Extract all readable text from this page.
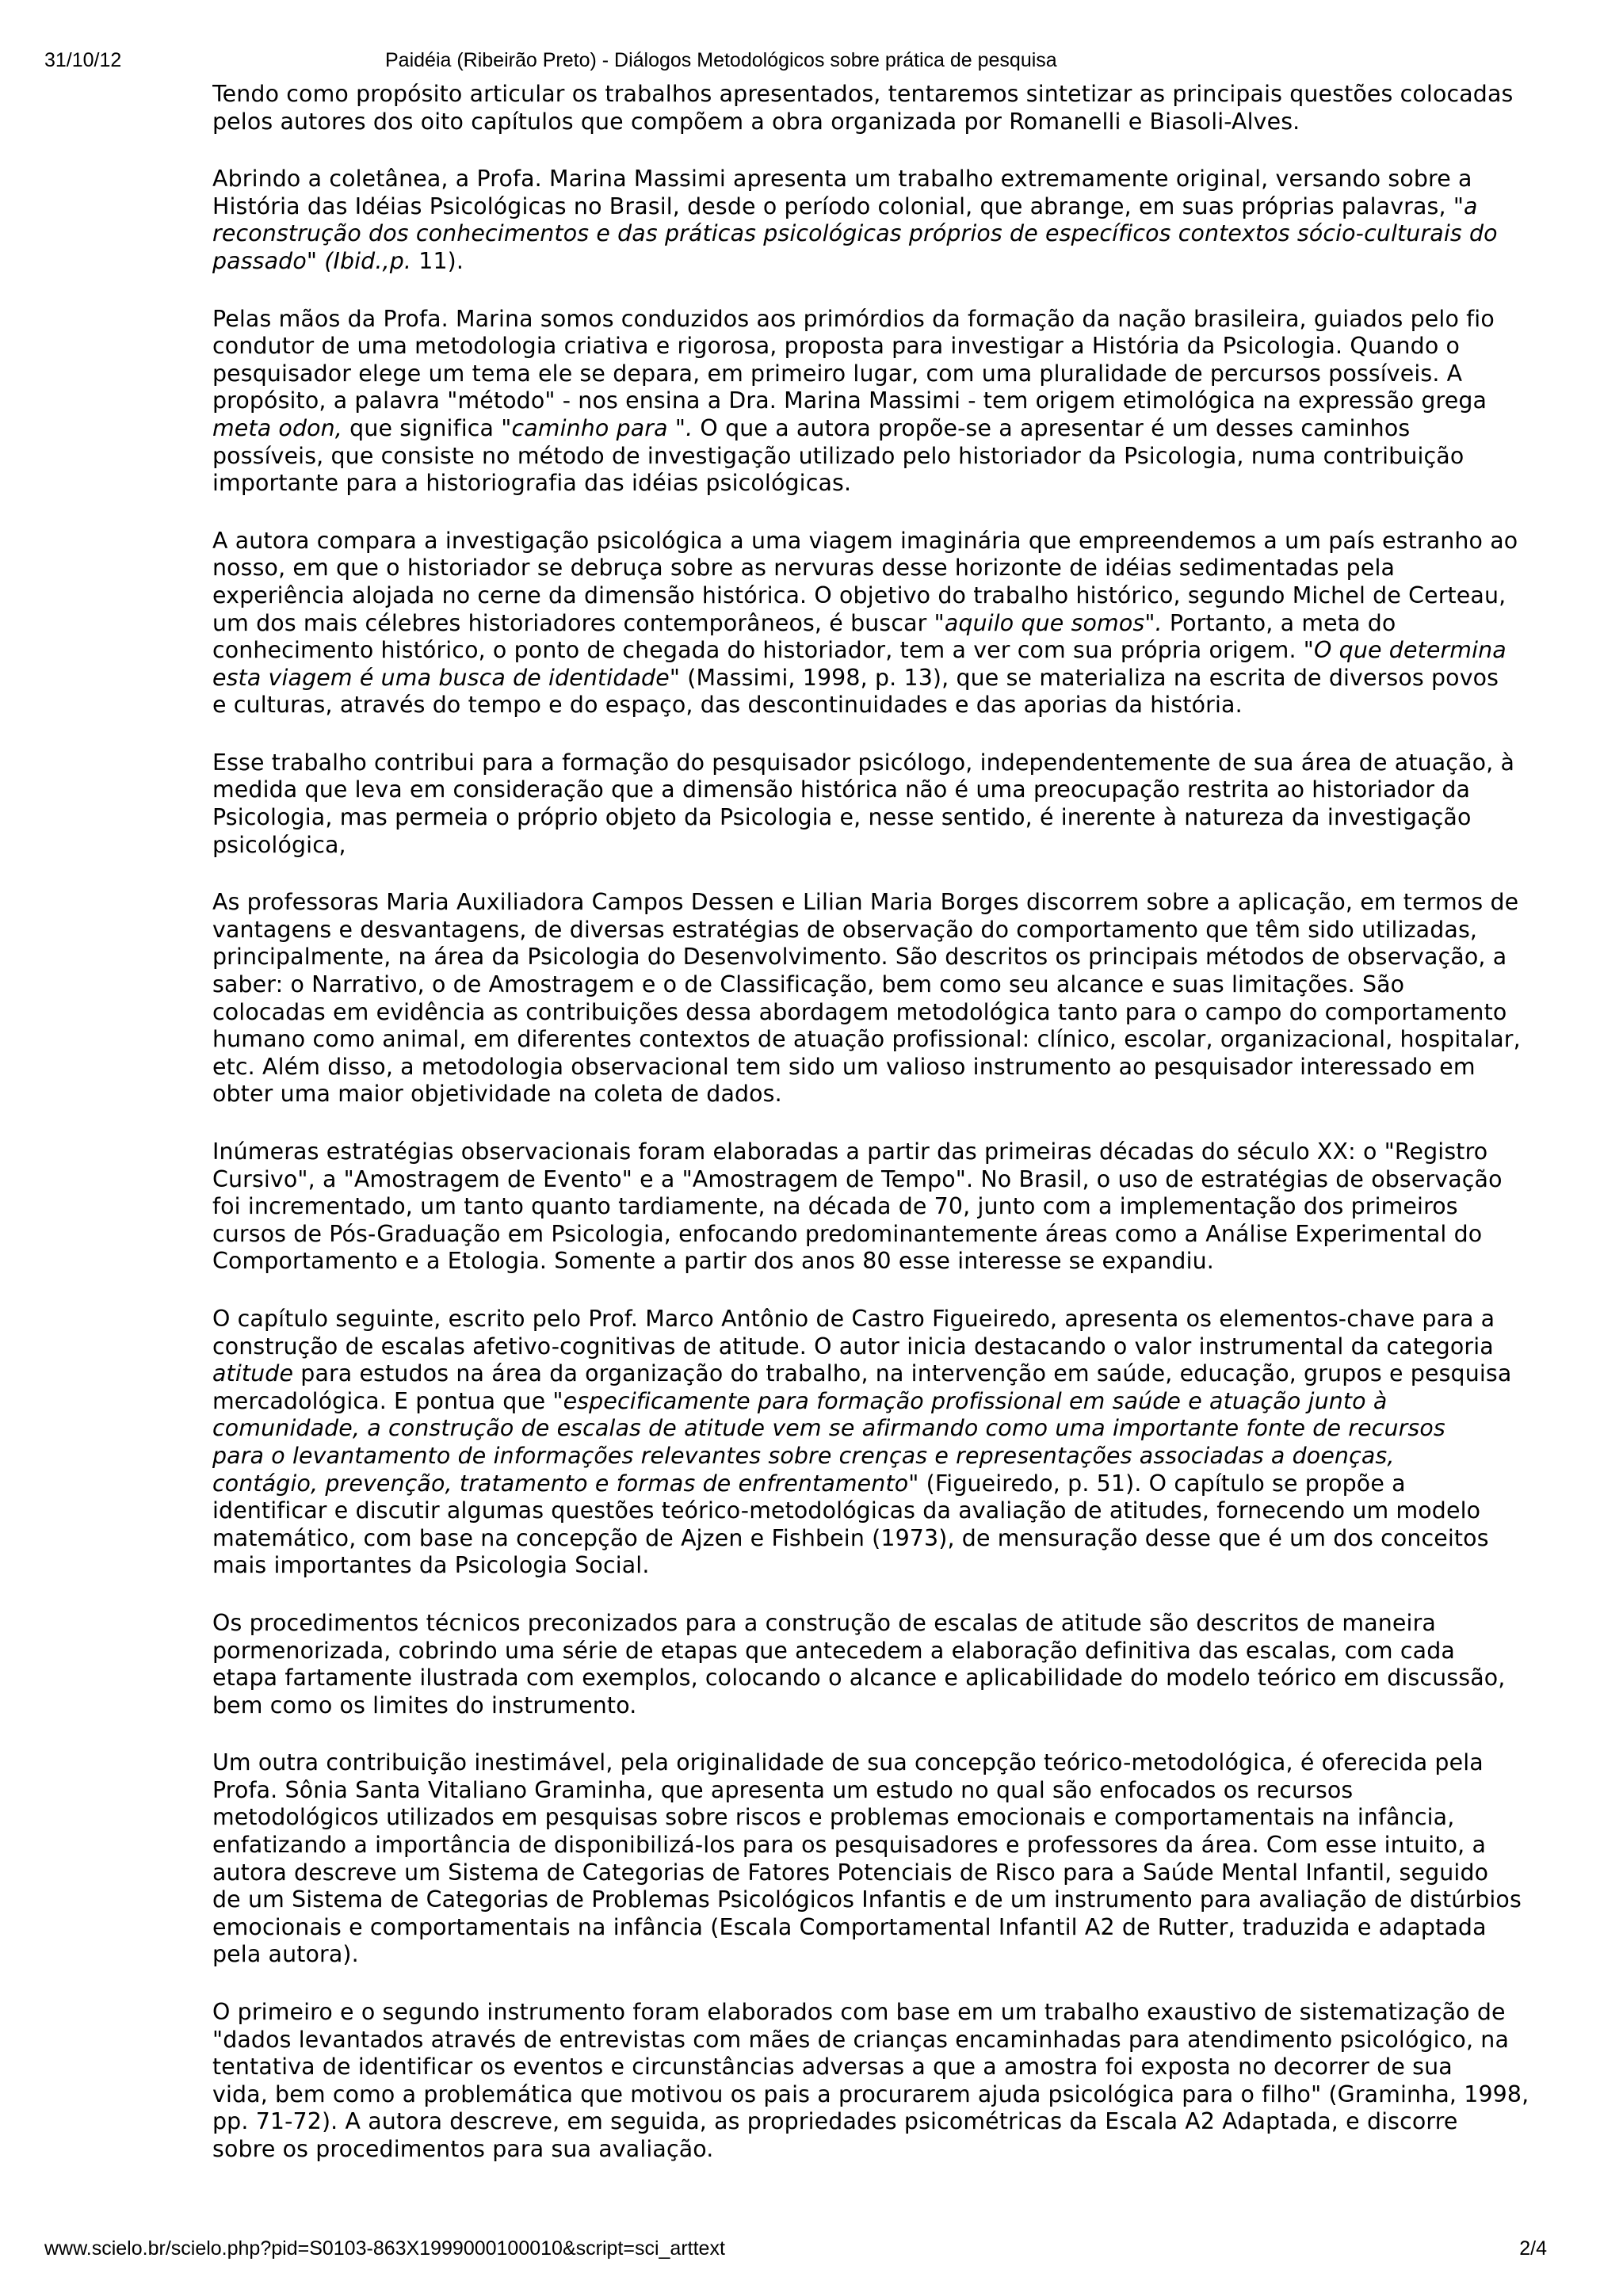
31/10/12	Paidéia (Ribeirão Preto) - Diálogos Metodológicos sobre prática de pesquisa

Tendo como propósito articular os trabalhos apresentados, tentaremos sintetizar as principais questões colocadas
pelos autores dos oito capítulos que compõem a obra organizada por Romanelli e Biasoli-Alves.

Abrindo a coletânea, a Profa. Marina Massimi apresenta um trabalho extremamente original, versando sobre a
História das Idéias Psicológicas no Brasil, desde o período colonial, que abrange, em suas próprias palavras, "a
reconstrução dos conhecimentos e das práticas psicológicas próprios de específicos contextos sócio-culturais do
passado" (Ibid.,p. 11).

Pelas mãos da Profa. Marina somos conduzidos aos primórdios da formação da nação brasileira, guiados pelo fio
condutor de uma metodologia criativa e rigorosa, proposta para investigar a História da Psicologia. Quando o
pesquisador elege um tema ele se depara, em primeiro lugar, com uma pluralidade de percursos possíveis. A
propósito, a palavra "método" - nos ensina a Dra. Marina Massimi - tem origem etimológica na expressão grega
meta odon, que significa "caminho para ". O que a autora propõe-se a apresentar é um desses caminhos
possíveis, que consiste no método de investigação utilizado pelo historiador da Psicologia, numa contribuição
importante para a historiografia das idéias psicológicas.

A autora compara a investigação psicológica a uma viagem imaginária que empreendemos a um país estranho ao
nosso, em que o historiador se debruça sobre as nervuras desse horizonte de idéias sedimentadas pela
experiência alojada no cerne da dimensão histórica. O objetivo do trabalho histórico, segundo Michel de Certeau,
um dos mais célebres historiadores contemporâneos, é buscar "aquilo que somos". Portanto, a meta do
conhecimento histórico, o ponto de chegada do historiador, tem a ver com sua própria origem. "O que determina
esta viagem é uma busca de identidade" (Massimi, 1998, p. 13), que se materializa na escrita de diversos povos
e culturas, através do tempo e do espaço, das descontinuidades e das aporias da história.

Esse trabalho contribui para a formação do pesquisador psicólogo, independentemente de sua área de atuação, à
medida que leva em consideração que a dimensão histórica não é uma preocupação restrita ao historiador da
Psicologia, mas permeia o próprio objeto da Psicologia e, nesse sentido, é inerente à natureza da investigação
psicológica,

As professoras Maria Auxiliadora Campos Dessen e Lilian Maria Borges discorrem sobre a aplicação, em termos de
vantagens e desvantagens, de diversas estratégias de observação do comportamento que têm sido utilizadas,
principalmente, na área da Psicologia do Desenvolvimento. São descritos os principais métodos de observação, a
saber: o Narrativo, o de Amostragem e o de Classificação, bem como seu alcance e suas limitações. São
colocadas em evidência as contribuições dessa abordagem metodológica tanto para o campo do comportamento
humano como animal, em diferentes contextos de atuação profissional: clínico, escolar, organizacional, hospitalar,
etc. Além disso, a metodologia observacional tem sido um valioso instrumento ao pesquisador interessado em
obter uma maior objetividade na coleta de dados.

Inúmeras estratégias observacionais foram elaboradas a partir das primeiras décadas do século XX: o "Registro
Cursivo", a "Amostragem de Evento" e a "Amostragem de Tempo". No Brasil, o uso de estratégias de observação
foi incrementado, um tanto quanto tardiamente, na década de 70, junto com a implementação dos primeiros
cursos de Pós-Graduação em Psicologia, enfocando predominantemente áreas como a Análise Experimental do
Comportamento e a Etologia. Somente a partir dos anos 80 esse interesse se expandiu.

O capítulo seguinte, escrito pelo Prof. Marco Antônio de Castro Figueiredo, apresenta os elementos-chave para a
construção de escalas afetivo-cognitivas de atitude. O autor inicia destacando o valor instrumental da categoria
atitude para estudos na área da organização do trabalho, na intervenção em saúde, educação, grupos e pesquisa
mercadológica. E pontua que "especificamente para formação profissional em saúde e atuação junto à
comunidade, a construção de escalas de atitude vem se afirmando como uma importante fonte de recursos
para o levantamento de informações relevantes sobre crenças e representações associadas a doenças,
contágio, prevenção, tratamento e formas de enfrentamento" (Figueiredo, p. 51). O capítulo se propõe a
identificar e discutir algumas questões teórico-metodológicas da avaliação de atitudes, fornecendo um modelo
matemático, com base na concepção de Ajzen e Fishbein (1973), de mensuração desse que é um dos conceitos
mais importantes da Psicologia Social.

Os procedimentos técnicos preconizados para a construção de escalas de atitude são descritos de maneira
pormenorizada, cobrindo uma série de etapas que antecedem a elaboração definitiva das escalas, com cada
etapa fartamente ilustrada com exemplos, colocando o alcance e aplicabilidade do modelo teórico em discussão,
bem como os limites do instrumento.

Um outra contribuição inestimável, pela originalidade de sua concepção teórico-metodológica, é oferecida pela
Profa. Sônia Santa Vitaliano Graminha, que apresenta um estudo no qual são enfocados os recursos
metodológicos utilizados em pesquisas sobre riscos e problemas emocionais e comportamentais na infância,
enfatizando a importância de disponibilizá-los para os pesquisadores e professores da área. Com esse intuito, a
autora descreve um Sistema de Categorias de Fatores Potenciais de Risco para a Saúde Mental Infantil, seguido
de um Sistema de Categorias de Problemas Psicológicos Infantis e de um instrumento para avaliação de distúrbios
emocionais e comportamentais na infância (Escala Comportamental Infantil A2 de Rutter, traduzida e adaptada
pela autora).

O primeiro e o segundo instrumento foram elaborados com base em um trabalho exaustivo de sistematização de
"dados levantados através de entrevistas com mães de crianças encaminhadas para atendimento psicológico, na
tentativa de identificar os eventos e circunstâncias adversas a que a amostra foi exposta no decorrer de sua
vida, bem como a problemática que motivou os pais a procurarem ajuda psicológica para o filho" (Graminha, 1998,
pp. 71-72). A autora descreve, em seguida, as propriedades psicométricas da Escala A2 Adaptada, e discorre
sobre os procedimentos para sua avaliação.

www.scielo.br/scielo.php?pid=S0103-863X1999000100010&script=sci_arttext	2/4
